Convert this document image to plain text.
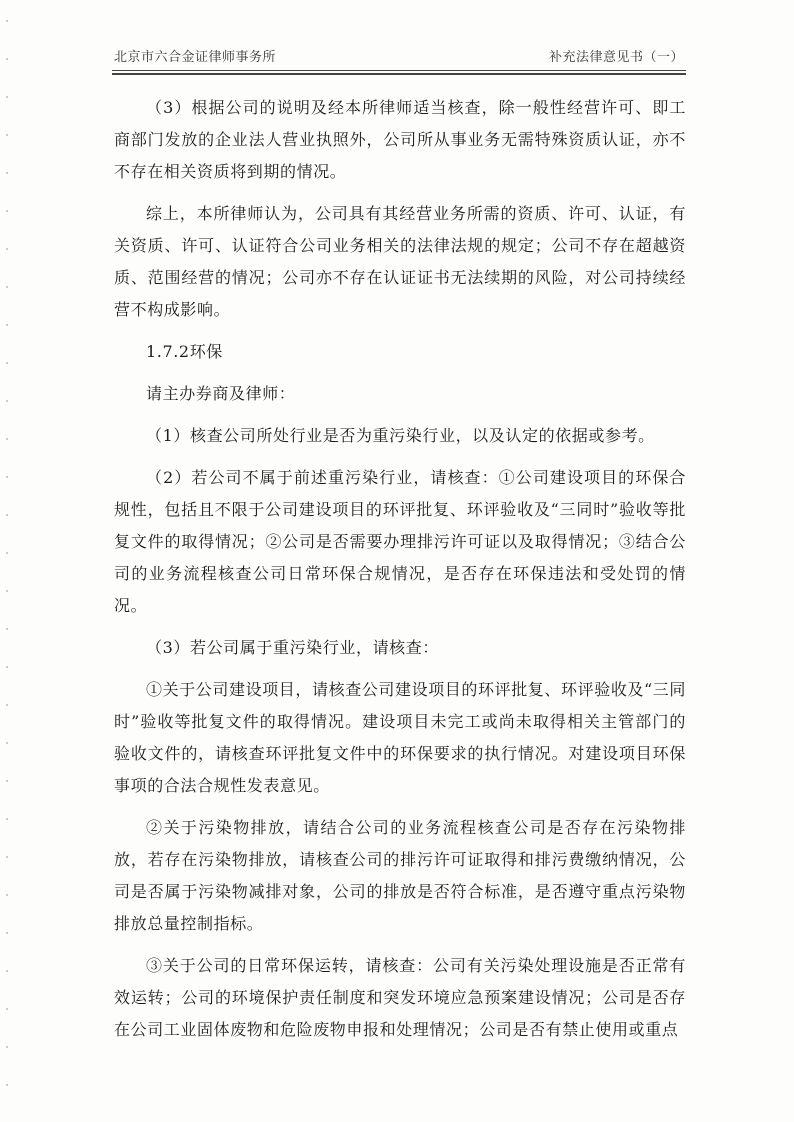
北京市六合金证律师事务所	补充法律意见书（一）

（3）根据公司的说明及经本所律师适当核查，除一般性经营许可、即工商部门发放的企业法人营业执照外，公司所从事业务无需特殊资质认证，亦不不存在相关资质将到期的情况。

综上，本所律师认为，公司具有其经营业务所需的资质、许可、认证，有关资质、许可、认证符合公司业务相关的法律法规的规定；公司不存在超越资质、范围经营的情况；公司亦不存在认证证书无法续期的风险，对公司持续经营不构成影响。

1.7.2环保

请主办券商及律师：

（1）核查公司所处行业是否为重污染行业，以及认定的依据或参考。

（2）若公司不属于前述重污染行业，请核查：①公司建设项目的环保合规性，包括且不限于公司建设项目的环评批复、环评验收及“三同时”验收等批复文件的取得情况；②公司是否需要办理排污许可证以及取得情况；③结合公司的业务流程核查公司日常环保合规情况，是否存在环保违法和受处罚的情况。

（3）若公司属于重污染行业，请核查：

①关于公司建设项目，请核查公司建设项目的环评批复、环评验收及“三同时”验收等批复文件的取得情况。建设项目未完工或尚未取得相关主管部门的验收文件的，请核查环评批复文件中的环保要求的执行情况。对建设项目环保事项的合法合规性发表意见。

②关于污染物排放，请结合公司的业务流程核查公司是否存在污染物排放，若存在污染物排放，请核查公司的排污许可证取得和排污费缴纳情况，公司是否属于污染物减排对象，公司的排放是否符合标准，是否遵守重点污染物排放总量控制指标。

③关于公司的日常环保运转，请核查：公司有关污染处理设施是否正常有效运转；公司的环境保护责任制度和突发环境应急预案建设情况；公司是否存在公司工业固体废物和危险废物申报和处理情况；公司是否有禁止使用或重点
